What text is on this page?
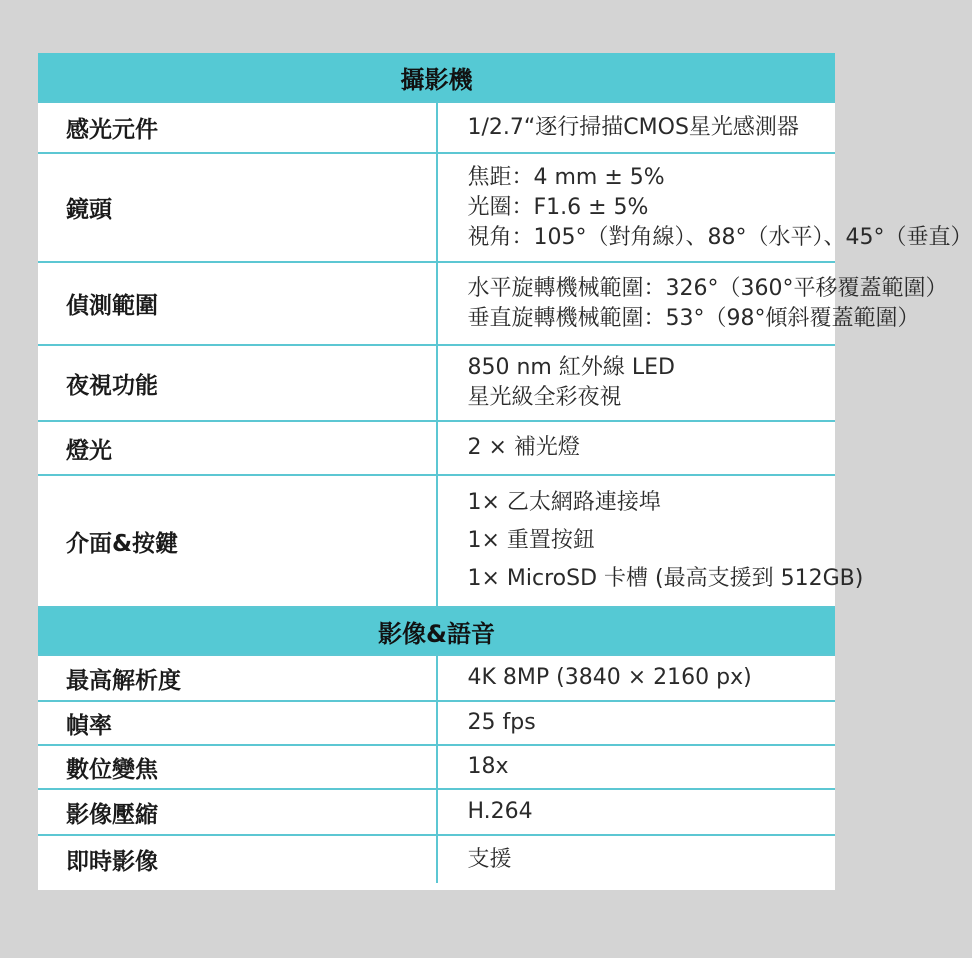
攝影機	
感光元件	1/2.7“逐行掃描CMOS星光感測器

鏡頭	焦距：4 mm ± 5%
光圈：F1.6 ± 5%
視角：105°（對角線）、88°（水平）、45°（垂直）

偵測範圍	水平旋轉機械範圍：326°（360°平移覆蓋範圍）
垂直旋轉機械範圍：53°（98°傾斜覆蓋範圍）

夜視功能	850 nm 紅外線 LED
星光級全彩夜視

燈光	2 × 補光燈

介面&按鍵	1× 乙太網路連接埠
1× 重置按鈕
1× MicroSD 卡槽 (最高支援到 512GB)

影像&語音	
最高解析度	4K 8MP (3840 × 2160 px)

幀率	25 fps

數位變焦	18x

影像壓縮	H.264

即時影像	支援
